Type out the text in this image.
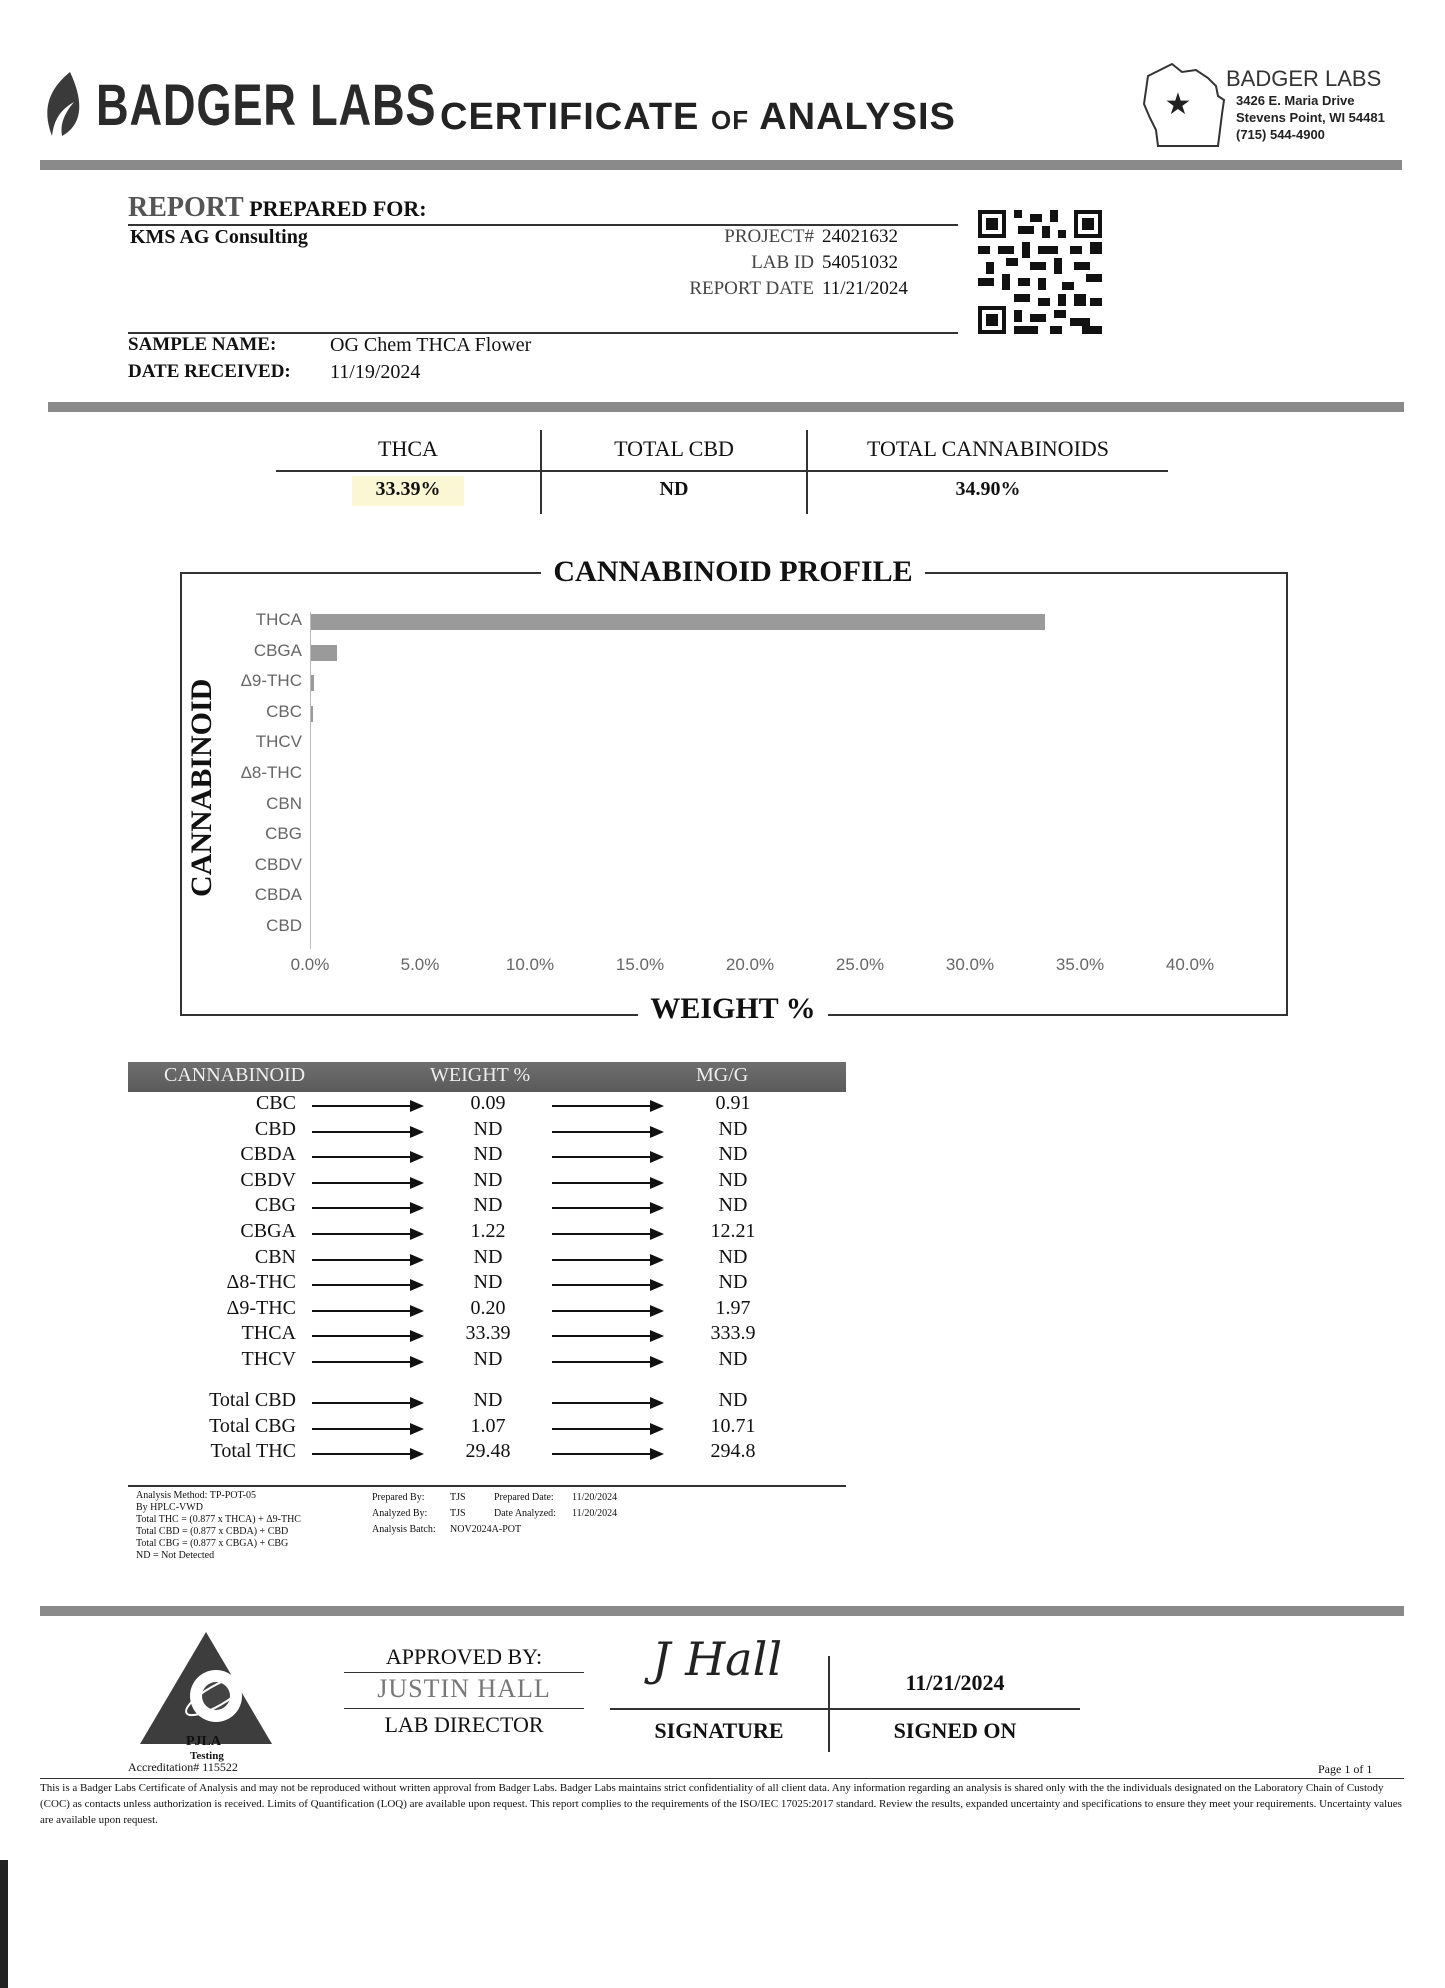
BADGER LABS CERTIFICATE OF ANALYSIS	★
BADGER LABS
3426 E. Maria Drive
Stevens Point, WI 54481
(715) 544-4900
REPORT PREPARED FOR:
KMS AG Consulting	PROJECT# 24021632
LAB ID 54051032
REPORT DATE 11/21/2024
SAMPLE NAME:	OG Chem THCA Flower
DATE RECEIVED: 11/19/2024
THCA	TOTAL CBD	TOTAL CANNABINOIDS
33.39%	ND	34.90%
CANNABINOID PROFILE
WEIGHT %
CANNABINOID
THCA
CBGA
Δ9-THC
CBC
THCV
Δ8-THC
CBN
CBG
CBDV
CBDA
CBD
0.0%	5.0%	10.0%	15.0%	20.0%	25.0%	30.0%	35.0%	40.0%
CANNABINOID	WEIGHT %	MG/G
CBC	0.09	0.91
CBD	ND	ND
CBDA	ND	ND
CBDV	ND	ND
CBG	ND	ND
CBGA	1.22	12.21
CBN	ND	ND
Δ8-THC	ND	ND
Δ9-THC	0.20	1.97
THCA	33.39	333.9
THCV	ND	ND
Total CBD	ND	ND
Total CBG	1.07	10.71
Total THC	29.48	294.8
Analysis Method: TP-POT-05
By HPLC-VWD
Total THC = (0.877 x THCA) + Δ9-THC
Total CBD = (0.877 x CBDA) + CBD
Total CBG = (0.877 x CBGA) + CBG
ND = Not Detected
Prepared By:	TJS	Prepared Date: 11/20/2024
Analyzed By: TJS	Date Analyzed: 11/20/2024
Analysis Batch: NOV2024A-POT
PJLA
Testing
Accreditation# 115522
APPROVED BY:
JUSTIN HALL
LAB DIRECTOR
J Hall	11/21/2024
SIGNATURE	SIGNED ON
Page 1 of 1
This is a Badger Labs Certificate of Analysis and may not be reproduced without written approval from Badger Labs. Badger Labs maintains strict confidentiality of all client data. Any information regarding an analysis is shared only with the the individuals designated on the Laboratory Chain of Custody (COC) as contacts unless authorization is received. Limits of Quantification (LOQ) are available upon request. This report complies to the requirements of the ISO/IEC 17025:2017 standard. Review the results, expanded uncertainty and specifications to ensure they meet your requirements. Uncertainty values are available upon request.
